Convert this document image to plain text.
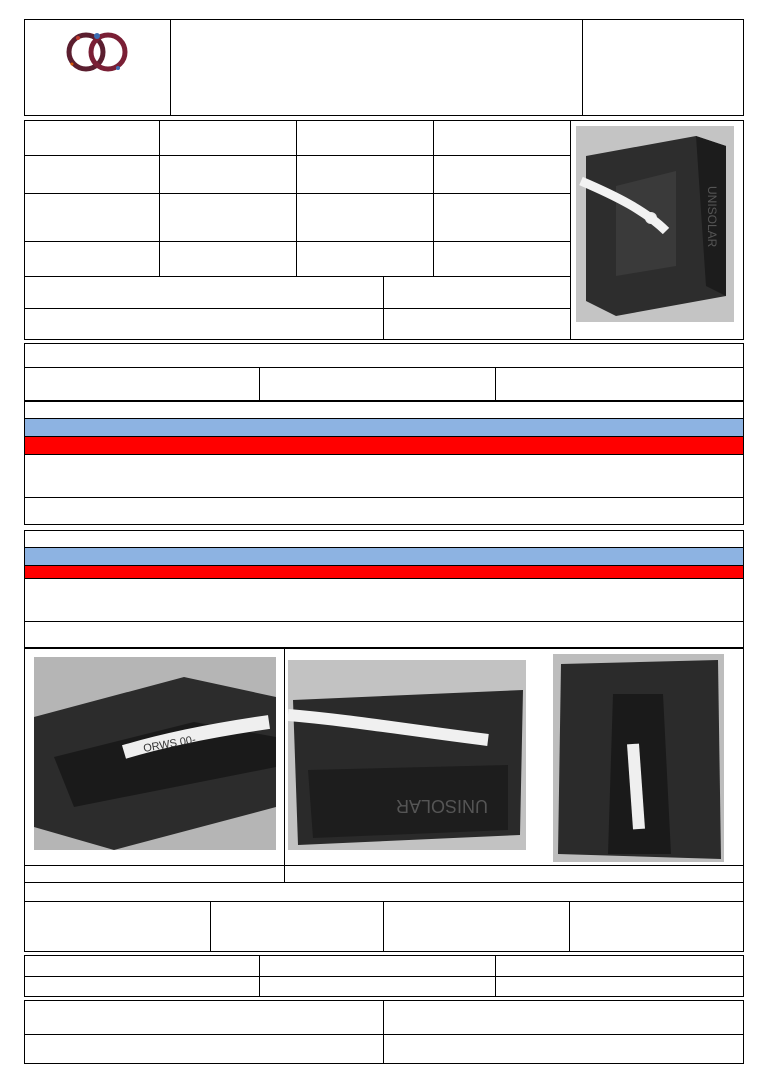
UNISOLAR

ORWS 00-
UNISOLAR
